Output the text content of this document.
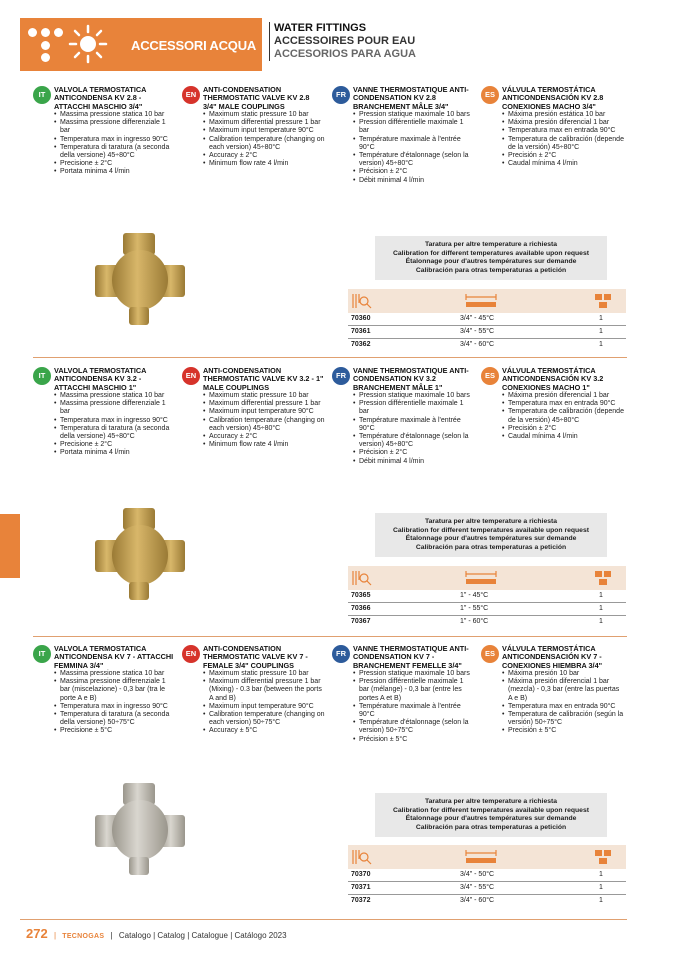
ACCESSORI ACQUA
WATER FITTINGS
ACCESSOIRES POUR EAU
ACCESORIOS PARA AGUA
IT
VALVOLA TERMOSTATICA ANTICONDENSA KV 2.8 - ATTACCHI MASCHIO 3/4"
• Massima pressione statica 10 bar
• Massima pressione differenziale 1 bar
• Temperatura max in ingresso 90°C
• Temperatura di taratura (a seconda della versione) 45÷80°C
• Precisione ± 2°C
• Portata minima 4 l/min
EN
ANTI-CONDENSATION THERMOSTATIC VALVE KV 2.8 3/4" MALE COUPLINGS
• Maximum static pressure 10 bar
• Maximum differential pressure 1 bar
• Maximum input temperature 90°C
• Calibration temperature (changing on each version) 45÷80°C
• Accuracy ± 2°C
• Minimum flow rate 4 l/min
FR
VANNE THERMOSTATIQUE ANTI-CONDENSATION KV 2.8 BRANCHEMENT MÂLE 3/4"
• Pression statique maximale 10 bars
• Pression différentielle maximale 1 bar
• Température maximale à l'entrée 90°C
• Température d'étalonnage (selon la version) 45÷80°C
• Précision ± 2°C
• Débit minimal 4 l/min
ES
VÁLVULA TERMOSTÁTICA ANTICONDENSACIÓN KV 2.8 CONEXIONES MACHO 3/4"
• Máxima presión estática 10 bar
• Máxima presión diferencial 1 bar
• Temperatura max en entrada 90°C
• Temperatura de calibración (depende de la versión) 45÷80°C
• Precisión ± 2°C
• Caudal mínima 4 l/min
Taratura per altre temperature a richiesta
Calibration for different temperatures available upon request
Étalonnage pour d'autres températures sur demande
Calibración para otras temperaturas a petición
70360	3/4" - 45°C	1
70361	3/4" - 55°C	1
70362	3/4" - 60°C	1
IT
VALVOLA TERMOSTATICA ANTICONDENSA KV 3.2 - ATTACCHI MASCHIO 1"
• Massima pressione statica 10 bar
• Massima pressione differenziale 1 bar
• Temperatura max in ingresso 90°C
• Temperatura di taratura (a seconda della versione) 45÷80°C
• Precisione ± 2°C
• Portata minima 4 l/min
EN
ANTI-CONDENSATION THERMOSTATIC VALVE KV 3.2 - 1" MALE COUPLINGS
• Maximum static pressure 10 bar
• Maximum differential pressure 1 bar
• Maximum input temperature 90°C
• Calibration temperature (changing on each version) 45÷80°C
• Accuracy ± 2°C
• Minimum flow rate 4 l/min
FR
VANNE THERMOSTATIQUE ANTI-CONDENSATION KV 3.2 BRANCHEMENT MÂLE 1"
• Pression statique maximale 10 bars
• Pression différentielle maximale 1 bar
• Température maximale à l'entrée 90°C
• Température d'étalonnage (selon la version) 45÷80°C
• Précision ± 2°C
• Débit minimal 4 l/min
ES
VÁLVULA TERMOSTÁTICA ANTICONDENSACIÓN KV 3.2 CONEXIONES MACHO 1"
• Máxima presión diferencial 1 bar
• Temperatura max en entrada 90°C
• Temperatura de calibración (depende de la versión) 45÷80°C
• Precisión ± 2°C
• Caudal mínima 4 l/min
Taratura per altre temperature a richiesta
Calibration for different temperatures available upon request
Étalonnage pour d'autres températures sur demande
Calibración para otras temperaturas a petición
70365	1" - 45°C	1
70366	1" - 55°C	1
70367	1" - 60°C	1
IT
VALVOLA TERMOSTATICA ANTICONDENSA KV 7 - ATTACCHI FEMMINA 3/4"
• Massima pressione statica 10 bar
• Massima pressione differenziale 1 bar (miscelazione) - 0,3 bar (tra le porte A e B)
• Temperatura max in ingresso 90°C
• Temperatura di taratura (a seconda della versione) 50÷75°C
• Precisione ± 5°C
EN
ANTI-CONDENSATION THERMOSTATIC VALVE KV 7 - FEMALE 3/4" COUPLINGS
• Maximum static pressure 10 bar
• Maximum differential pressure 1 bar (Mixing) - 0.3 bar (between the ports A and B)
• Maximum input temperature 90°C
• Calibration temperature (changing on each version) 50÷75°C
• Accuracy ± 5°C
FR
VANNE THERMOSTATIQUE ANTI-CONDENSATION KV 7 - BRANCHEMENT FEMELLE 3/4"
• Pression statique maximale 10 bars
• Pression différentielle maximale 1 bar (mélange) - 0,3 bar (entre les portes A et B)
• Température maximale à l'entrée 90°C
• Température d'étalonnage (selon la version) 50÷75°C
• Précision ± 5°C
ES
VÁLVULA TERMOSTÁTICA ANTICONDENSACIÓN KV 7 - CONEXIONES HIEMBRA 3/4"
• Máxima presión 10 bar
• Máxima presión diferencial 1 bar (mezcla) - 0,3 bar (entre las puertas A e B)
• Temperatura max en entrada 90°C
• Temperatura de calibración (según la versión) 50÷75°C
• Precisión ± 5°C
Taratura per altre temperature a richiesta
Calibration for different temperatures available upon request
Étalonnage pour d'autres températures sur demande
Calibración para otras temperaturas a petición
70370	3/4" - 50°C	1
70371	3/4" - 55°C	1
70372	3/4" - 60°C	1
272 | TECNOGAS | Catalogo | Catalog | Catalogue | Catálogo 2023
